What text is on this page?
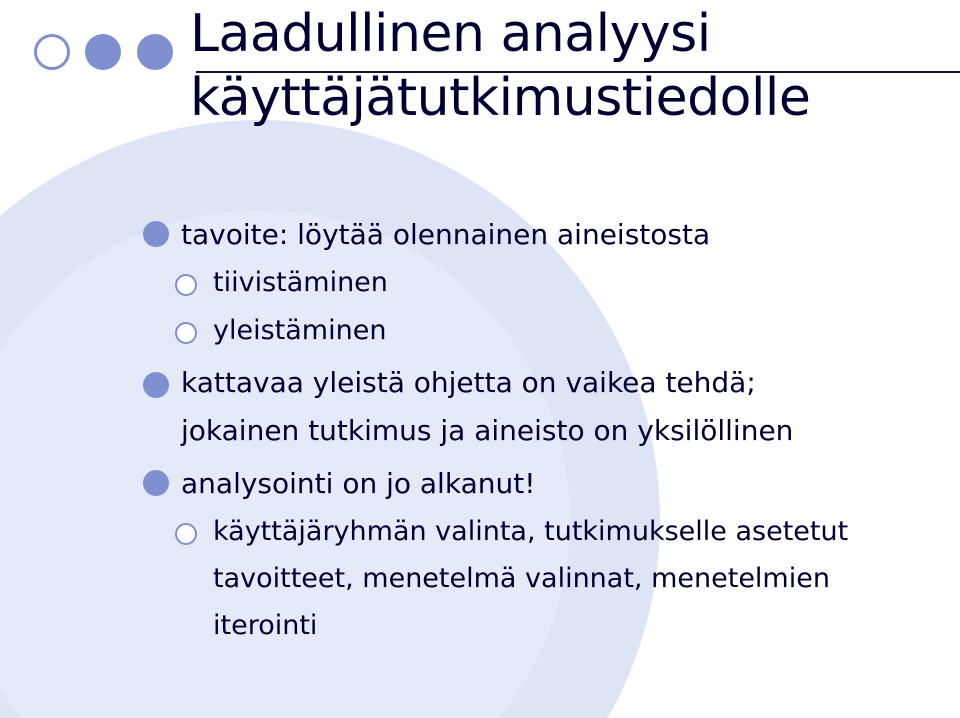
Laadullinen analyysi
käyttäjätutkimustiedolle
tavoite: löytää olennainen aineistosta
tiivistäminen
yleistäminen
kattavaa yleistä ohjetta on vaikea tehdä;
jokainen tutkimus ja aineisto on yksilöllinen
analysointi on jo alkanut!
käyttäjäryhmän valinta, tutkimukselle asetetut
tavoitteet, menetelmä valinnat, menetelmien
iterointi
